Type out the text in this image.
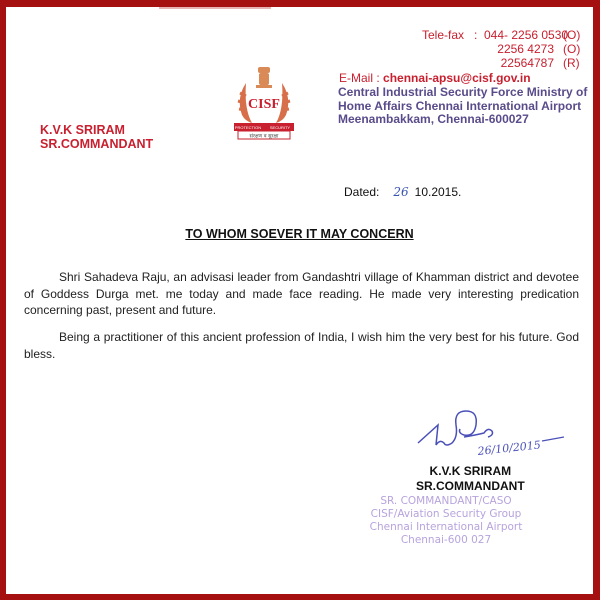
K.V.K SRIRAM
SR.COMMANDANT
CISF
PROTECTION SECURITY
संरक्षण व सुरक्षा
Tele-fax : 044- 2256 0530
(O)
2256 4273 (O)
22564787 (R)
E-Mail : chennai-apsu@cisf.gov.in
Central Industrial Security Force Ministry of Home Affairs Chennai International Airport
Meenambakkam, Chennai-600027
Dated: 26 10.2015.
TO WHOM SOEVER IT MAY CONCERN
Shri Sahadeva Raju, an advisasi leader from Gandashtri village of Khamman district and devotee of Goddess Durga met. me today and made face reading. He made very interesting predication concerning past, present and future.
Being a practitioner of this ancient profession of India, I wish him the very best for his future. God bless.
26/10/2015
K.V.K SRIRAM
SR.COMMANDANT
SR. COMMANDANT/CASO
CISF/Aviation Security Group
Chennai International Airport
Chennai-600 027
